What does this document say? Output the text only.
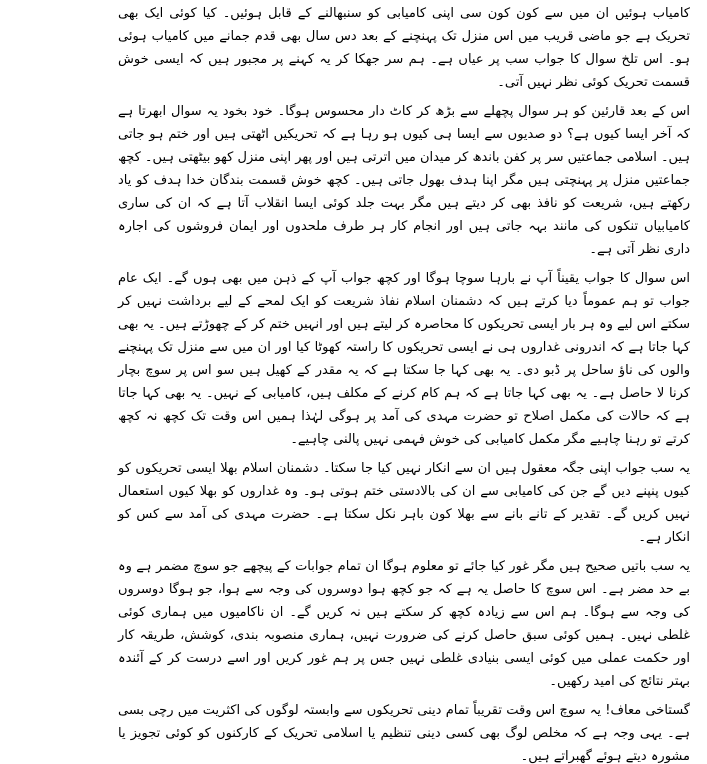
کامیاب ہوئیں ان میں سے کون کون سی اپنی کامیابی کو سنبھالنے کے قابل ہوئیں۔ کیا کوئی ایک بھی تحریک ہے جو ماضی قریب میں اس منزل تک پہنچنے کے بعد دس سال بھی قدم جمانے میں کامیاب ہوئی ہو۔ اس تلخ سوال کا جواب سب پر عیاں ہے۔ ہم سر جھکا کر یہ کہنے پر مجبور ہیں کہ ایسی خوش قسمت تحریک کوئی نظر نہیں آتی۔

اس کے بعد قارئین کو ہر سوال پچھلے سے بڑھ کر کاٹ دار محسوس ہوگا۔ خود بخود یہ سوال ابھرتا ہے کہ آخر ایسا کیوں ہے؟ دو صدیوں سے ایسا ہی کیوں ہو رہا ہے کہ تحریکیں اٹھتی ہیں اور ختم ہو جاتی ہیں۔ اسلامی جماعتیں سر پر کفن باندھ کر میدان میں اترتی ہیں اور پھر اپنی منزل کھو بیٹھتی ہیں۔ کچھ جماعتیں منزل پر پہنچتی ہیں مگر اپنا ہدف بھول جاتی ہیں۔ کچھ خوش قسمت بندگان خدا ہدف کو یاد رکھتے ہیں، شریعت کو نافذ بھی کر دیتے ہیں مگر بہت جلد کوئی ایسا انقلاب آتا ہے کہ ان کی ساری کامیابیاں تنکوں کی مانند بہہ جاتی ہیں اور انجام کار ہر طرف ملحدوں اور ایمان فروشوں کی اجارہ داری نظر آتی ہے۔

اس سوال کا جواب یقیناً آپ نے بارہا سوچا ہوگا اور کچھ جواب آپ کے ذہن میں بھی ہوں گے۔ ایک عام جواب تو ہم عموماً دیا کرتے ہیں کہ دشمنان اسلام نفاذ شریعت کو ایک لمحے کے لیے برداشت نہیں کر سکتے اس لیے وہ ہر بار ایسی تحریکوں کا محاصرہ کر لیتے ہیں اور انہیں ختم کر کے چھوڑتے ہیں۔ یہ بھی کہا جاتا ہے کہ اندرونی غداروں ہی نے ایسی تحریکوں کا راستہ کھوٹا کیا اور ان میں سے منزل تک پہنچنے والوں کی ناؤ ساحل پر ڈبو دی۔ یہ بھی کہا جا سکتا ہے کہ یہ مقدر کے کھیل ہیں سو اس پر سوچ بچار کرنا لا حاصل ہے۔ یہ بھی کہا جاتا ہے کہ ہم کام کرنے کے مکلف ہیں، کامیابی کے نہیں۔ یہ بھی کہا جاتا ہے کہ حالات کی مکمل اصلاح تو حضرت مہدی کی آمد پر ہوگی لہٰذا ہمیں اس وقت تک کچھ نہ کچھ کرتے تو رہنا چاہیے مگر مکمل کامیابی کی خوش فہمی نہیں پالنی چاہیے۔

یہ سب جواب اپنی جگہ معقول ہیں ان سے انکار نہیں کیا جا سکتا۔ دشمنان اسلام بھلا ایسی تحریکوں کو کیوں پنپنے دیں گے جن کی کامیابی سے ان کی بالادستی ختم ہوتی ہو۔ وہ غداروں کو بھلا کیوں استعمال نہیں کریں گے۔ تقدیر کے تانے بانے سے بھلا کون باہر نکل سکتا ہے۔ حضرت مہدی کی آمد سے کس کو انکار ہے۔

یہ سب باتیں صحیح ہیں مگر غور کیا جائے تو معلوم ہوگا ان تمام جوابات کے پیچھے جو سوچ مضمر ہے وہ بے حد مضر ہے۔ اس سوچ کا حاصل یہ ہے کہ جو کچھ ہوا دوسروں کی وجہ سے ہوا، جو ہوگا دوسروں کی وجہ سے ہوگا۔ ہم اس سے زیادہ کچھ کر سکتے ہیں نہ کریں گے۔ ان ناکامیوں میں ہماری کوئی غلطی نہیں۔ ہمیں کوئی سبق حاصل کرنے کی ضرورت نہیں، ہماری منصوبہ بندی، کوشش، طریقہ کار اور حکمت عملی میں کوئی ایسی بنیادی غلطی نہیں جس پر ہم غور کریں اور اسے درست کر کے آئندہ بہتر نتائج کی امید رکھیں۔

گستاخی معاف! یہ سوچ اس وقت تقریباً تمام دینی تحریکوں سے وابستہ لوگوں کی اکثریت میں رچی بسی ہے۔ یہی وجہ ہے کہ مخلص لوگ بھی کسی دینی تنظیم یا اسلامی تحریک کے کارکنوں کو کوئی تجویز یا مشورہ دیتے ہوئے گھبراتے ہیں۔
